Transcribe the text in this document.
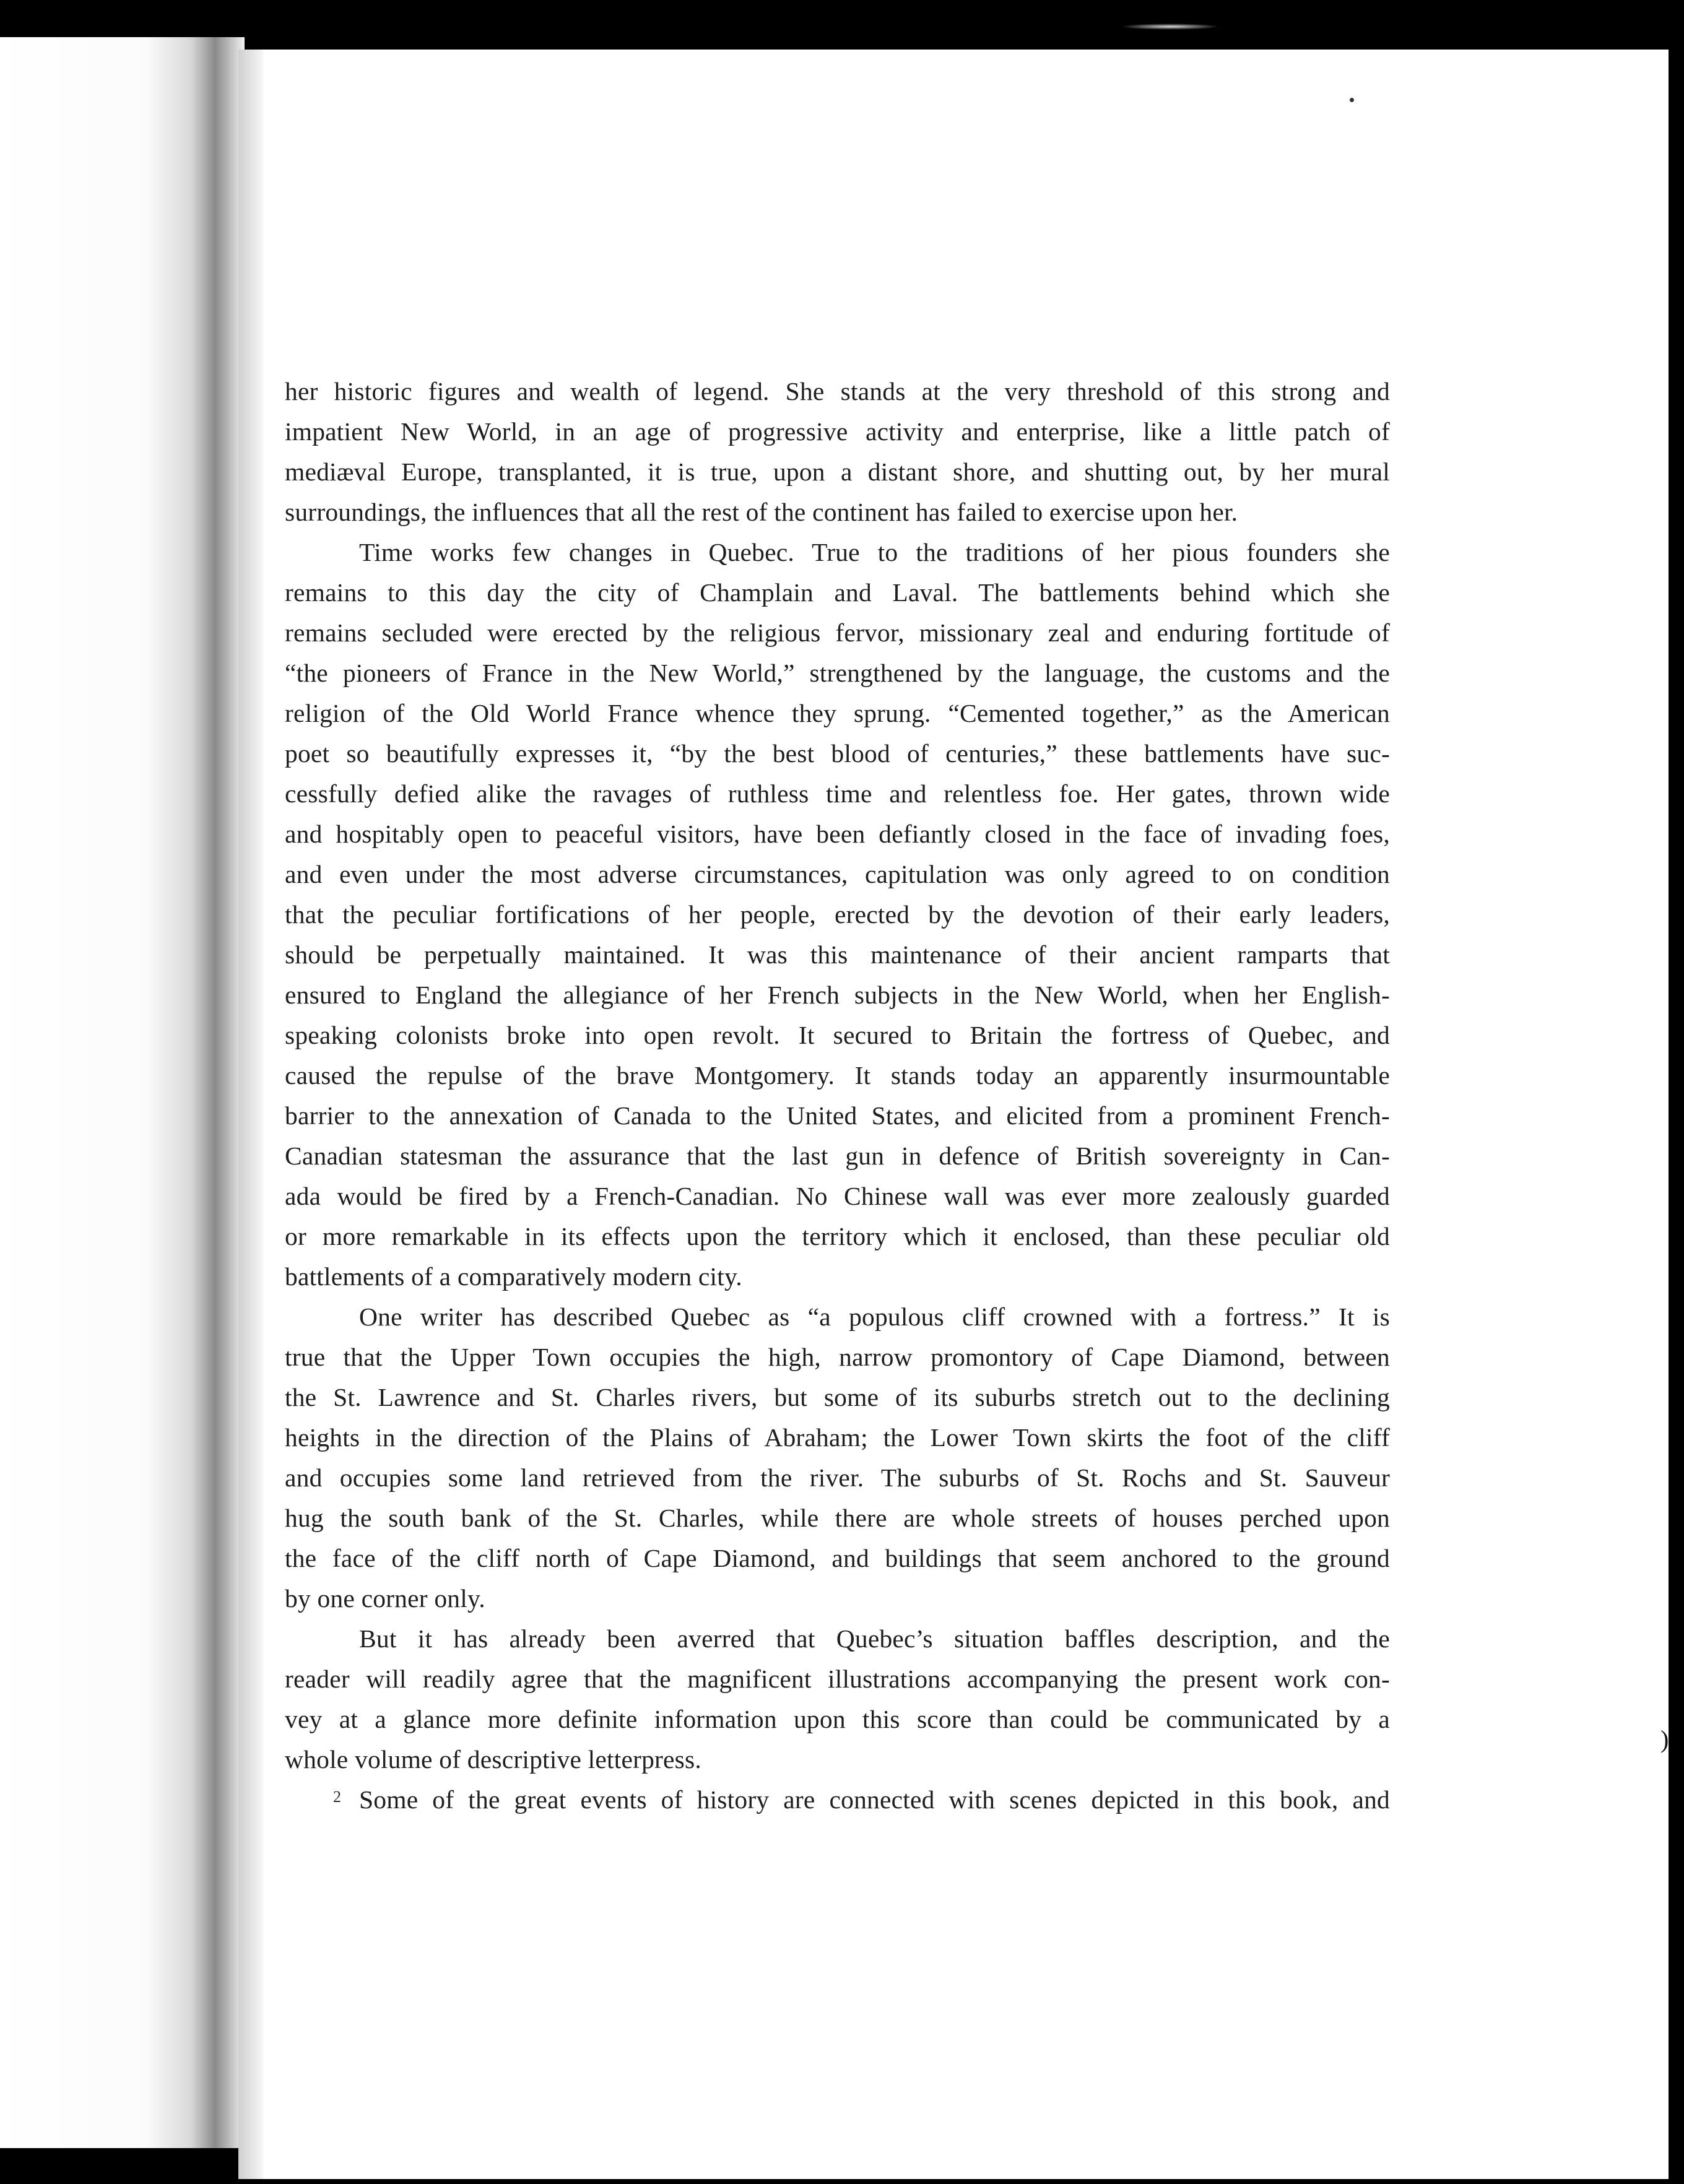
her historic figures and wealth of legend. She stands at the very threshold of this strong and
impatient New World, in an age of progressive activity and enterprise, like a little patch of
mediæval Europe, transplanted, it is true, upon a distant shore, and shutting out, by her mural
surroundings, the influences that all the rest of the continent has failed to exercise upon her.
Time works few changes in Quebec. True to the traditions of her pious founders she
remains to this day the city of Champlain and Laval. The battlements behind which she
remains secluded were erected by the religious fervor, missionary zeal and enduring fortitude of
“the pioneers of France in the New World,” strengthened by the language, the customs and the
religion of the Old World France whence they sprung. “Cemented together,” as the American
poet so beautifully expresses it, “by the best blood of centuries,” these battlements have suc-
cessfully defied alike the ravages of ruthless time and relentless foe. Her gates, thrown wide
and hospitably open to peaceful visitors, have been defiantly closed in the face of invading foes,
and even under the most adverse circumstances, capitulation was only agreed to on condition
that the peculiar fortifications of her people, erected by the devotion of their early leaders,
should be perpetually maintained. It was this maintenance of their ancient ramparts that
ensured to England the allegiance of her French subjects in the New World, when her English-
speaking colonists broke into open revolt. It secured to Britain the fortress of Quebec, and
caused the repulse of the brave Montgomery. It stands today an apparently insurmountable
barrier to the annexation of Canada to the United States, and elicited from a prominent French-
Canadian statesman the assurance that the last gun in defence of British sovereignty in Can-
ada would be fired by a French-Canadian. No Chinese wall was ever more zealously guarded
or more remarkable in its effects upon the territory which it enclosed, than these peculiar old
battlements of a comparatively modern city.
One writer has described Quebec as “a populous cliff crowned with a fortress.” It is
true that the Upper Town occupies the high, narrow promontory of Cape Diamond, between
the St. Lawrence and St. Charles rivers, but some of its suburbs stretch out to the declining
heights in the direction of the Plains of Abraham; the Lower Town skirts the foot of the cliff
and occupies some land retrieved from the river. The suburbs of St. Rochs and St. Sauveur
hug the south bank of the St. Charles, while there are whole streets of houses perched upon
the face of the cliff north of Cape Diamond, and buildings that seem anchored to the ground
by one corner only.
But it has already been averred that Quebec’s situation baffles description, and the
reader will readily agree that the magnificent illustrations accompanying the present work con-
vey at a glance more definite information upon this score than could be communicated by a
whole volume of descriptive letterpress.
Some of the great events of history are connected with scenes depicted in this book, and
2
)
